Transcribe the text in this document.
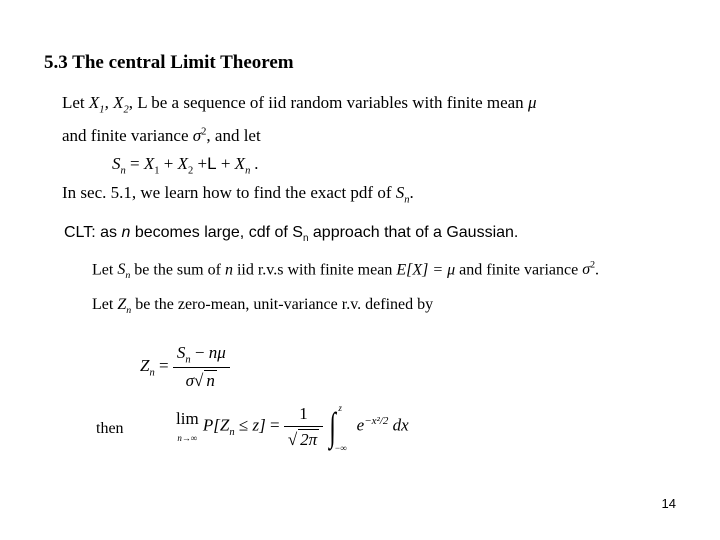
5.3 The central Limit Theorem
Let $X_1$, $X_2$, L be a sequence of iid random variables with finite mean μ
and finite variance $\sigma^2$, and let
$S_n = X_1 + X_2 +L + X_n$ .
In sec. 5.1, we learn how to find the exact pdf of $S_n$.
CLT: as n becomes large, cdf of $S_n$ approach that of a Gaussian.
Let $S_n$ be the sum of n iid r.v.s with finite mean E[X] = μ and finite variance $\sigma^2$.
Let $Z_n$ be the zero-mean, unit-variance r.v. defined by
$Z_n = \frac{S_n - n\mu}{\sigma√ n}$
then
lim
n→∞ $P[Z_n \le z] = \frac{1}{√ 2\pi}$ ∫ z
−∞
$e^{-x^2/2}$ dx
14
